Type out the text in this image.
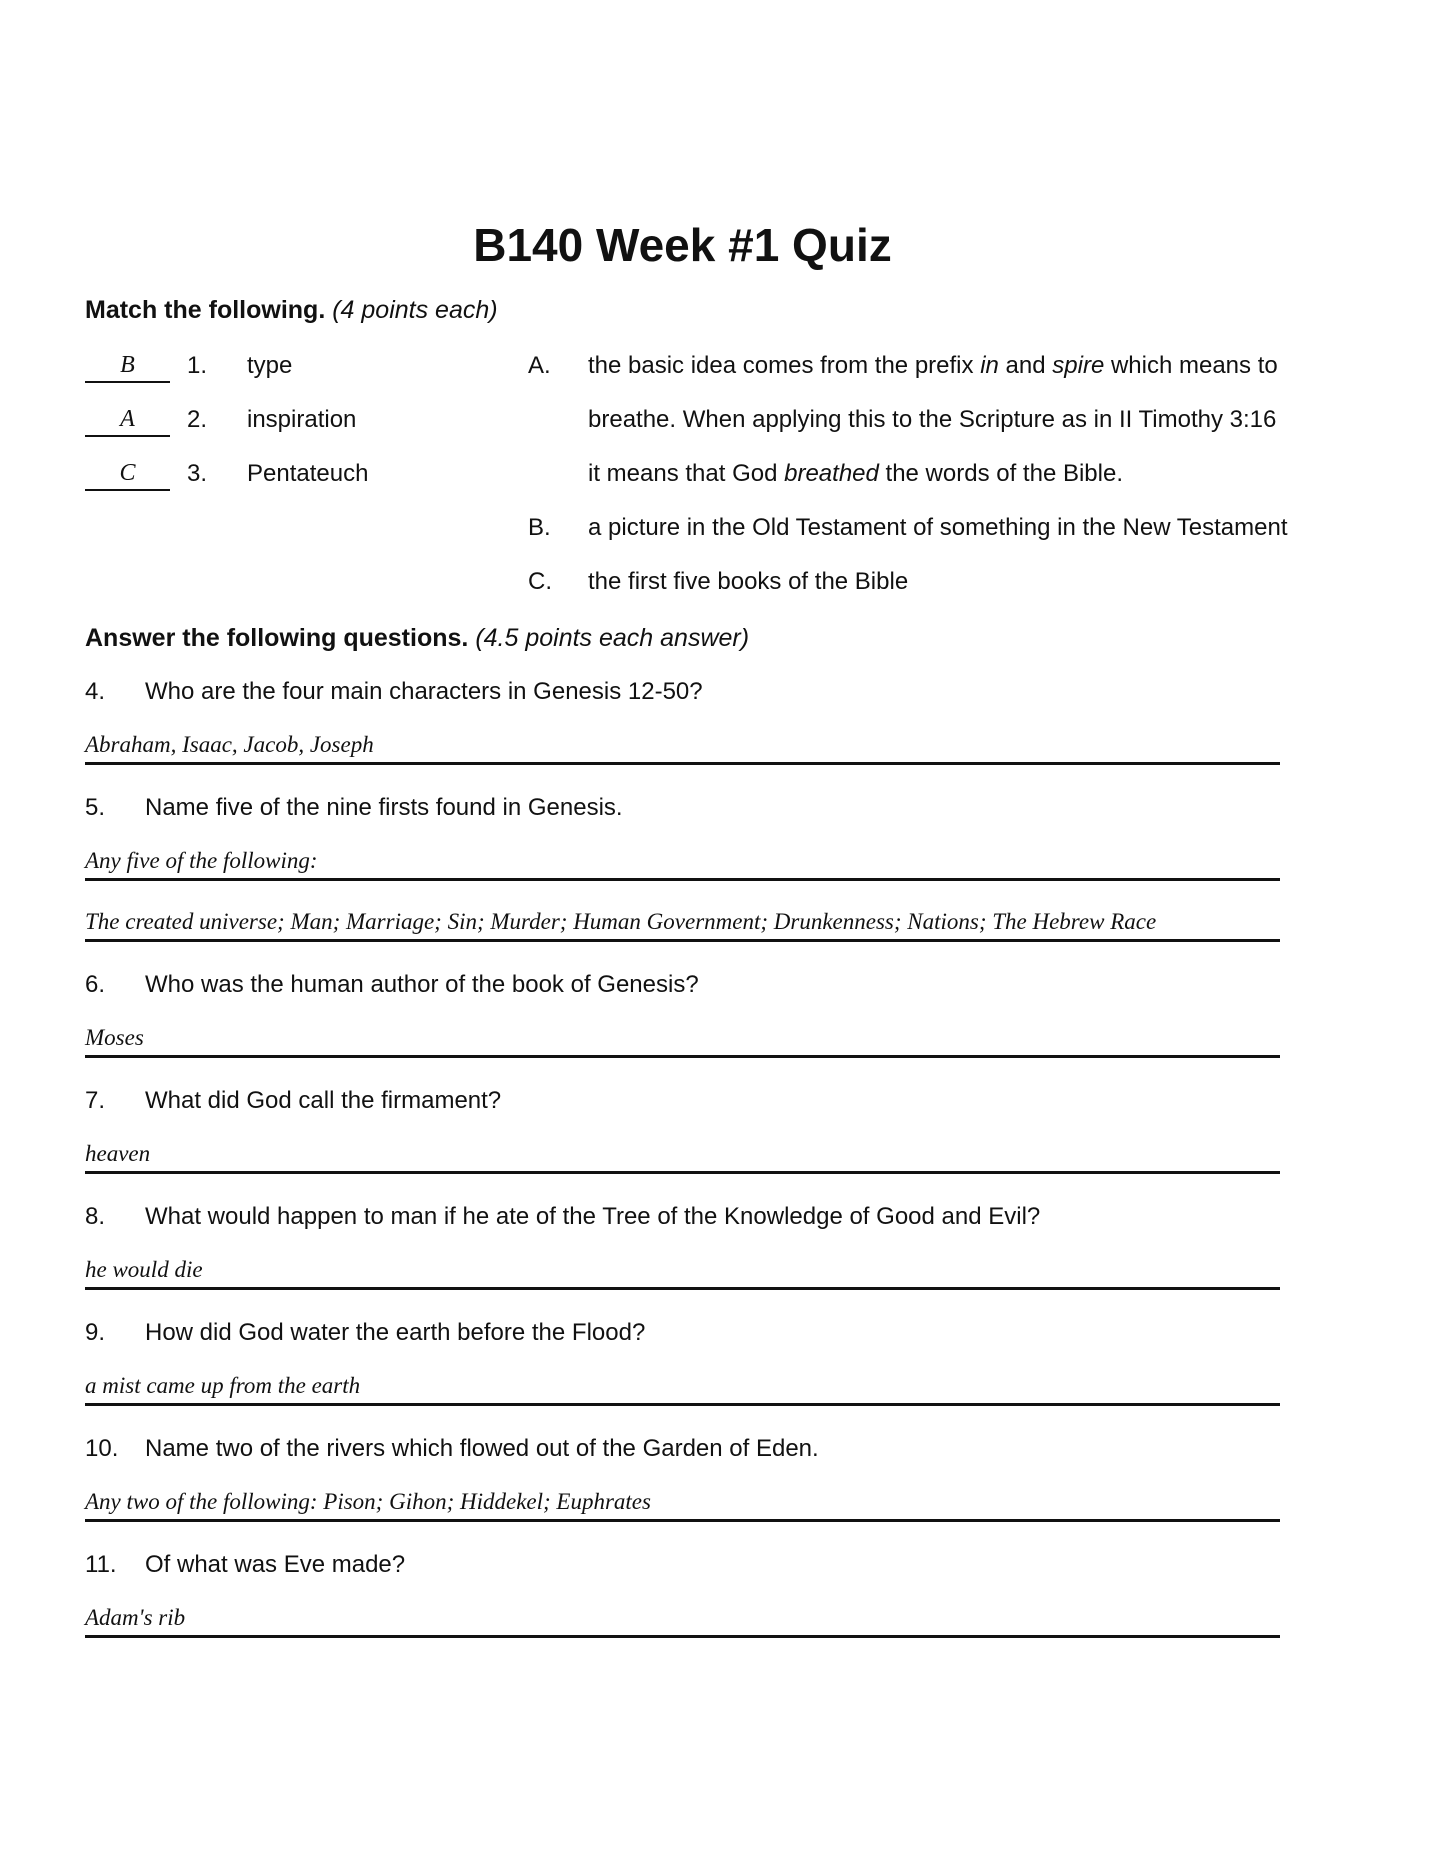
B140 Week #1 Quiz
Match the following. (4 points each)
B	1. type
A	2. inspiration
C	3. Pentateuch
A. the basic idea comes from the prefix in and spire which means to
breathe. When applying this to the Scripture as in II Timothy 3:16
it means that God breathed the words of the Bible.
B. a picture in the Old Testament of something in the New Testament
C. the first five books of the Bible
Answer the following questions. (4.5 points each answer)
4. Who are the four main characters in Genesis 12-50?
Abraham, Isaac, Jacob, Joseph
5. Name five of the nine firsts found in Genesis.
Any five of the following:
The created universe; Man; Marriage; Sin; Murder; Human Government; Drunkenness; Nations; The Hebrew Race
6. Who was the human author of the book of Genesis?
Moses
7. What did God call the firmament?
heaven
8. What would happen to man if he ate of the Tree of the Knowledge of Good and Evil?
he would die
9. How did God water the earth before the Flood?
a mist came up from the earth
10. Name two of the rivers which flowed out of the Garden of Eden.
Any two of the following: Pison; Gihon; Hiddekel; Euphrates
11. Of what was Eve made?
Adam's rib
